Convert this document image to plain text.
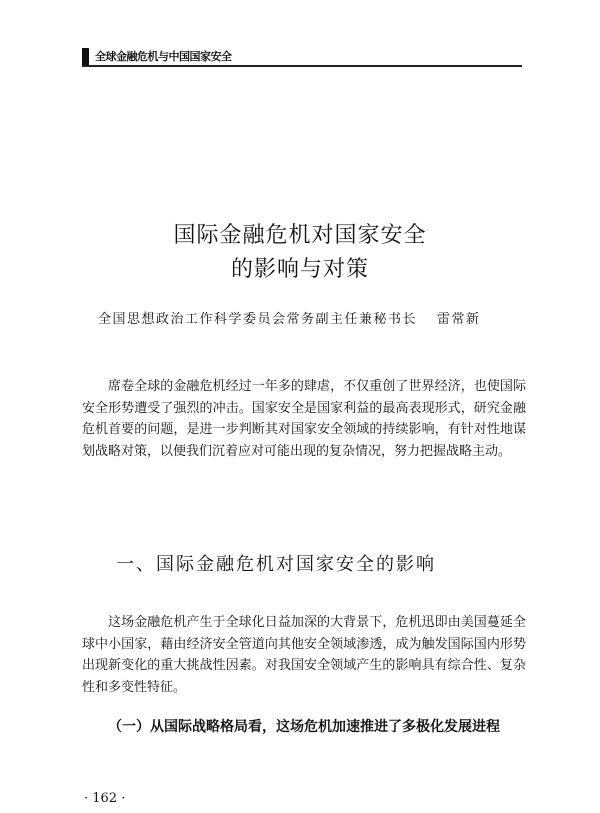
全球金融危机与中国国家安全
国际金融危机对国家安全
的影响与对策
全国思想政治工作科学委员会常务副主任兼秘书长 雷常新

席卷全球的金融危机经过一年多的肆虐，不仅重创了世界经济，也使国际安全形势遭受了强烈的冲击。国家安全是国家利益的最高表现形式，研究金融危机首要的问题，是进一步判断其对国家安全领域的持续影响，有针对性地谋划战略对策，以便我们沉着应对可能出现的复杂情况，努力把握战略主动。

一、国际金融危机对国家安全的影响

这场金融危机产生于全球化日益加深的大背景下，危机迅即由美国蔓延全球中小国家，藉由经济安全管道向其他安全领域渗透，成为触发国际国内形势出现新变化的重大挑战性因素。对我国安全领域产生的影响具有综合性、复杂性和多变性特征。

（一）从国际战略格局看，这场危机加速推进了多极化发展进程

· 162 ·
